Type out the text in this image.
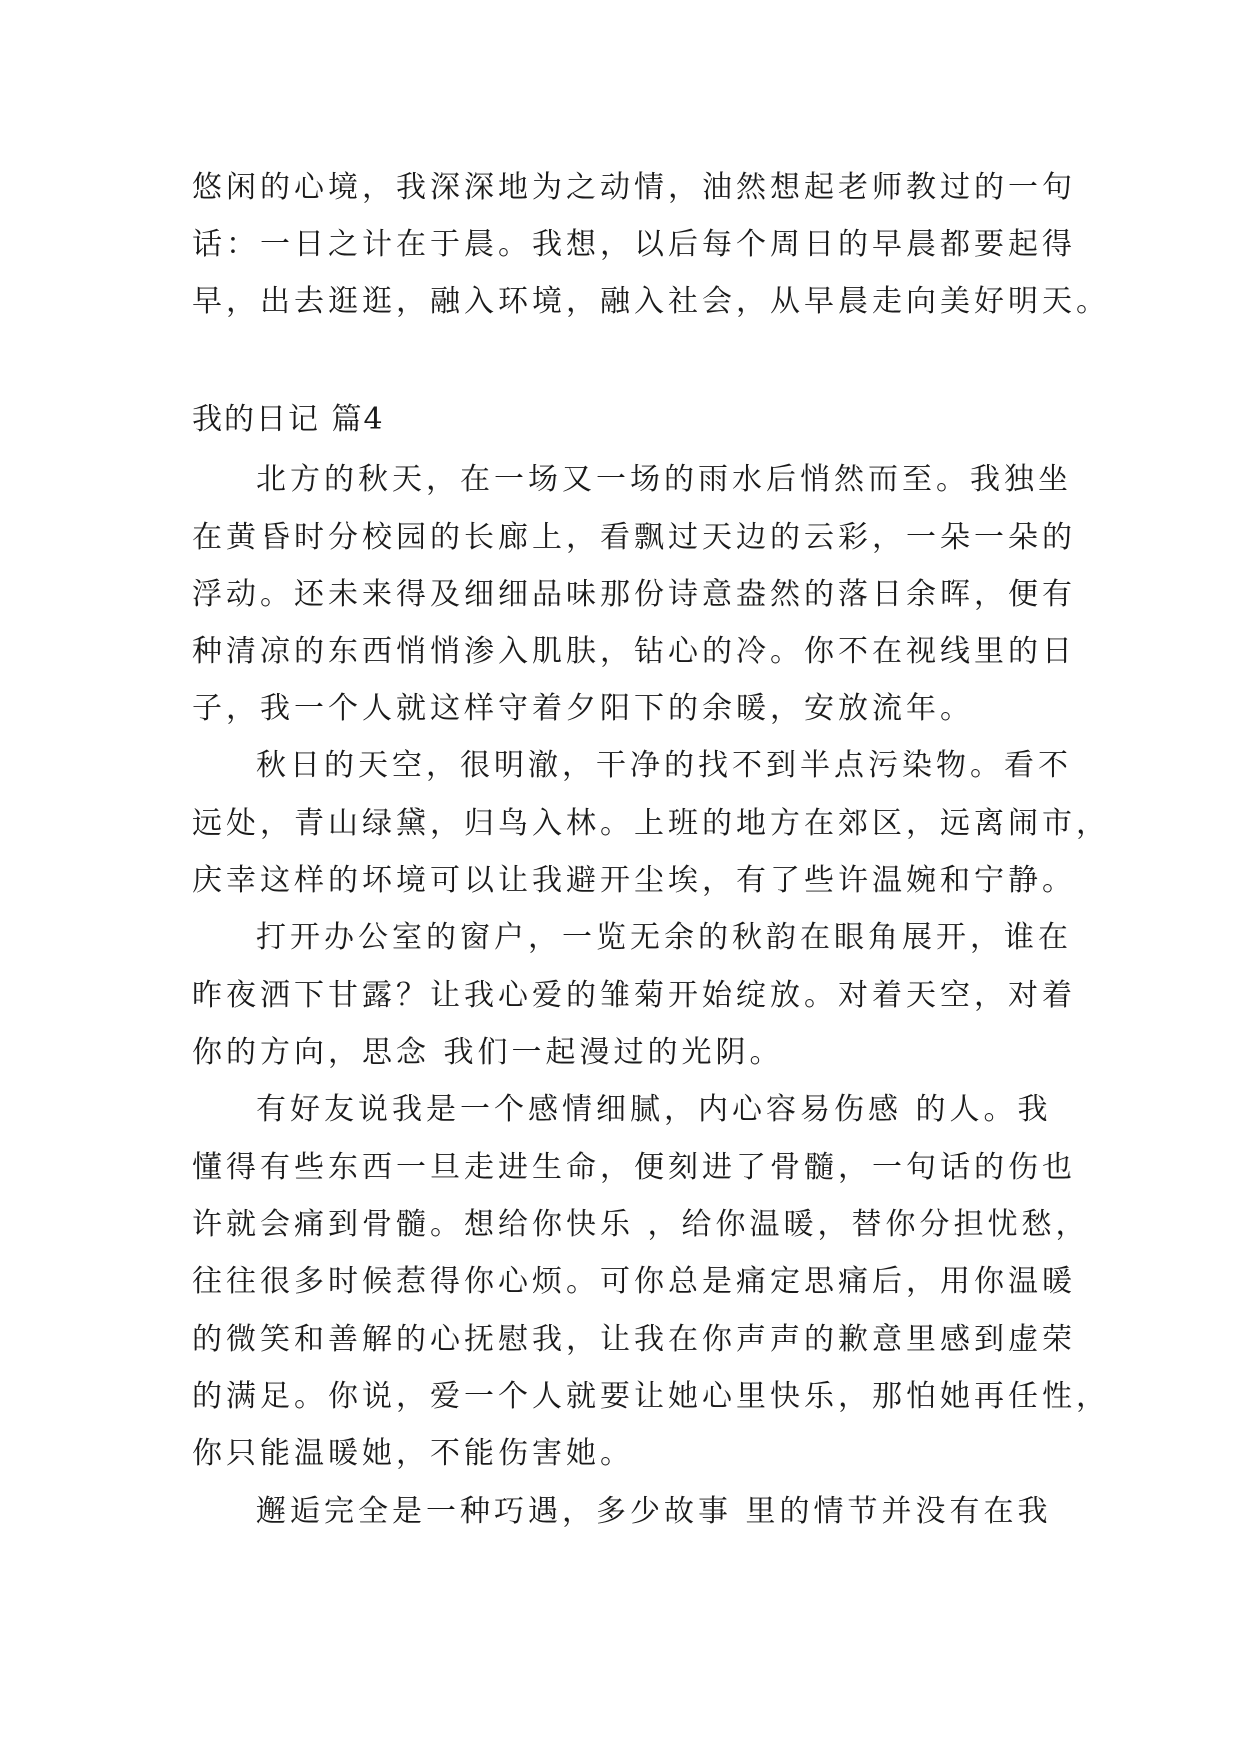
悠闲的心境，我深深地为之动情，油然想起老师教过的一句
话：一日之计在于晨。我想，以后每个周日的早晨都要起得
早，出去逛逛，融入环境，融入社会，从早晨走向美好明天。
我的日记 篇4
北方的秋天，在一场又一场的雨水后悄然而至。我独坐
在黄昏时分校园的长廊上，看飘过天边的云彩，一朵一朵的
浮动。还未来得及细细品味那份诗意盎然的落日余晖，便有
种清凉的东西悄悄渗入肌肤，钻心的冷。你不在视线里的日
子，我一个人就这样守着夕阳下的余暖，安放流年。
秋日的天空，很明澈，干净的找不到半点污染物。看不
远处，青山绿黛，归鸟入林。上班的地方在郊区，远离闹市，
庆幸这样的坏境可以让我避开尘埃，有了些许温婉和宁静。
打开办公室的窗户，一览无余的秋韵在眼角展开，谁在
昨夜洒下甘露？让我心爱的雏菊开始绽放。对着天空，对着
你的方向，思念 我们一起漫过的光阴。
有好友说我是一个感情细腻，内心容易伤感 的人。我
懂得有些东西一旦走进生命，便刻进了骨髓，一句话的伤也
许就会痛到骨髓。想给你快乐 ，给你温暖，替你分担忧愁，
往往很多时候惹得你心烦。可你总是痛定思痛后，用你温暖
的微笑和善解的心抚慰我，让我在你声声的歉意里感到虚荣
的满足。你说，爱一个人就要让她心里快乐，那怕她再任性，
你只能温暖她，不能伤害她。
邂逅完全是一种巧遇，多少故事 里的情节并没有在我
